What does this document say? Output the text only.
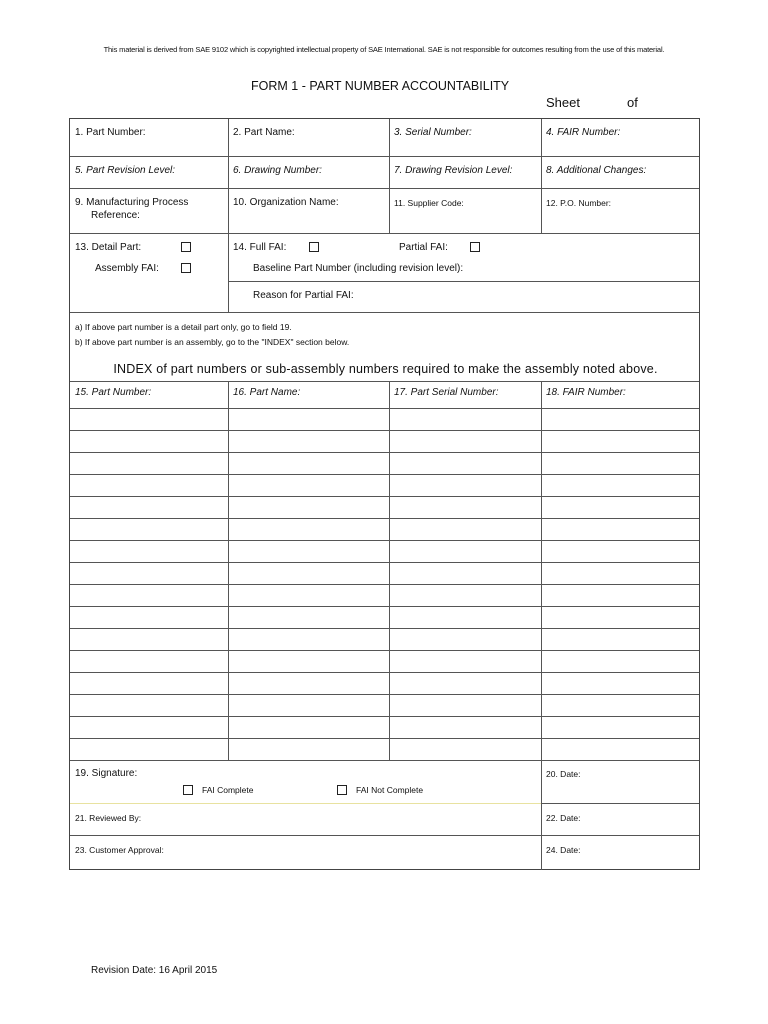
This material is derived from SAE 9102 which is copyrighted intellectual property of SAE International. SAE is not responsible for outcomes resulting from the use of this material.
FORM 1 - PART NUMBER ACCOUNTABILITY
Sheet	of
1. Part Number:	2. Part Name:	3. Serial Number:	4. FAIR Number:
5. Part Revision Level:	6. Drawing Number:	7. Drawing Revision Level:	8. Additional Changes:
9. Manufacturing Process
Reference:
10. Organization Name:	11. Supplier Code:	12. P.O. Number:
13. Detail Part:
Assembly FAI:
14. Full FAI:	Partial FAI:
Baseline Part Number (including revision level):
Reason for Partial FAI:
a) If above part number is a detail part only, go to field 19.
b) If above part number is an assembly, go to the "INDEX" section below.
INDEX of part numbers or sub-assembly numbers required to make the assembly noted above.
15. Part Number:	16. Part Name:	17. Part Serial Number:	18. FAIR Number:
19. Signature:
FAI Complete	FAI Not Complete
20. Date:
21. Reviewed By:	22. Date:
23. Customer Approval:	24. Date:
Revision Date: 16 April 2015
